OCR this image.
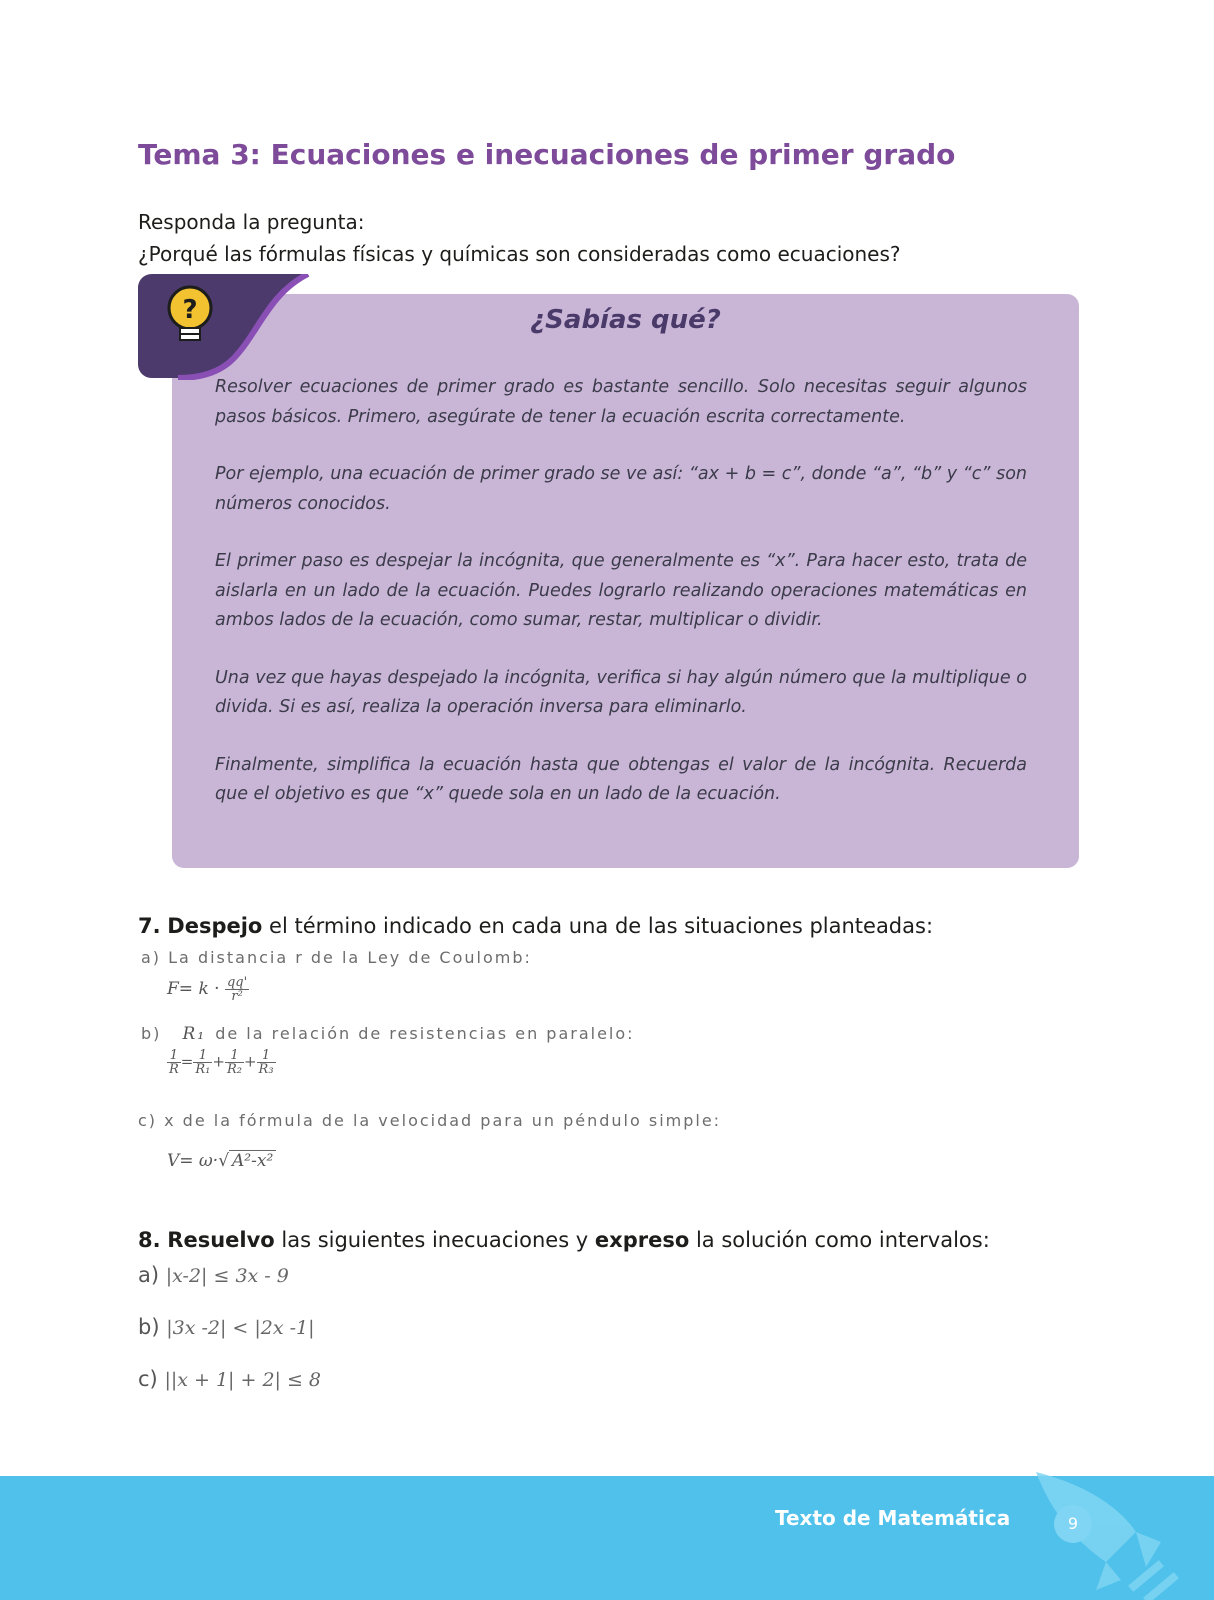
Tema 3: Ecuaciones e inecuaciones de primer grado
Responda la pregunta:
¿Porqué las fórmulas físicas y químicas son consideradas como ecuaciones?
?	¿Sabías qué?

Resolver ecuaciones de primer grado es bastante sencillo. Solo necesitas seguir algunos pasos básicos. Primero, asegúrate de tener la ecuación escrita correctamente.

Por ejemplo, una ecuación de primer grado se ve así: “ax + b = c”, donde “a”, “b” y “c” son números conocidos.

El primer paso es despejar la incógnita, que generalmente es “x”. Para hacer esto, trata de aislarla en un lado de la ecuación. Puedes lograrlo realizando operaciones matemáticas en ambos lados de la ecuación, como sumar, restar, multiplicar o dividir.

Una vez que hayas despejado la incógnita, verifica si hay algún número que la multiplique o divida. Si es así, realiza la operación inversa para eliminarlo.

Finalmente, simplifica la ecuación hasta que obtengas el valor de la incógnita. Recuerda que el objetivo es que “x” quede sola en un lado de la ecuación.

7. Despejo el término indicado en cada una de las situaciones planteadas:
a) La distancia r de la Ley de Coulomb:
$F= k \cdot \frac{qq'}{\text{r²}}$
b) R₁ de la relación de resistencias en paralelo:
$\frac{1}{R} = \frac{1}{\text{R₁}} + \frac{1}{\text{R₂}} + \frac{1}{\text{R₃}}$
c) x de la fórmula de la velocidad para un péndulo simple:
V= ω·√ A²-x²
8. Resuelvo las siguientes inecuaciones y expreso la solución como intervalos:
a) |x-2| ≤ 3x - 9
b) |3x -2| < |2x -1|
c) ||x + 1| + 2| ≤ 8
Texto de Matemática	9
